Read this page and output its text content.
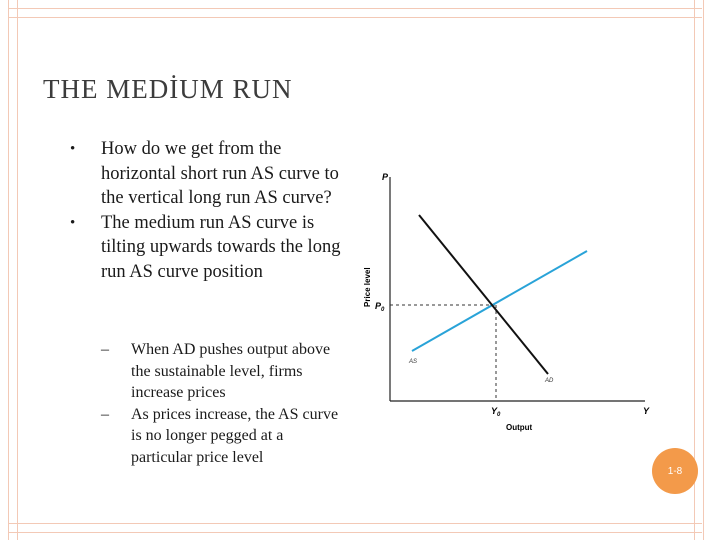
THE MEDİUM RUN
• How do we get from the horizontal short run AS curve to the vertical long run AS curve?
• The medium run AS curve is tilting upwards towards the long run AS curve position
– When AD pushes output above the sustainable level, firms increase prices
– As prices increase, the AS curve is no longer pegged at a particular price level
P
Price level $P_0$
$Y_0$	Y
Output
AS
AD
1-8
